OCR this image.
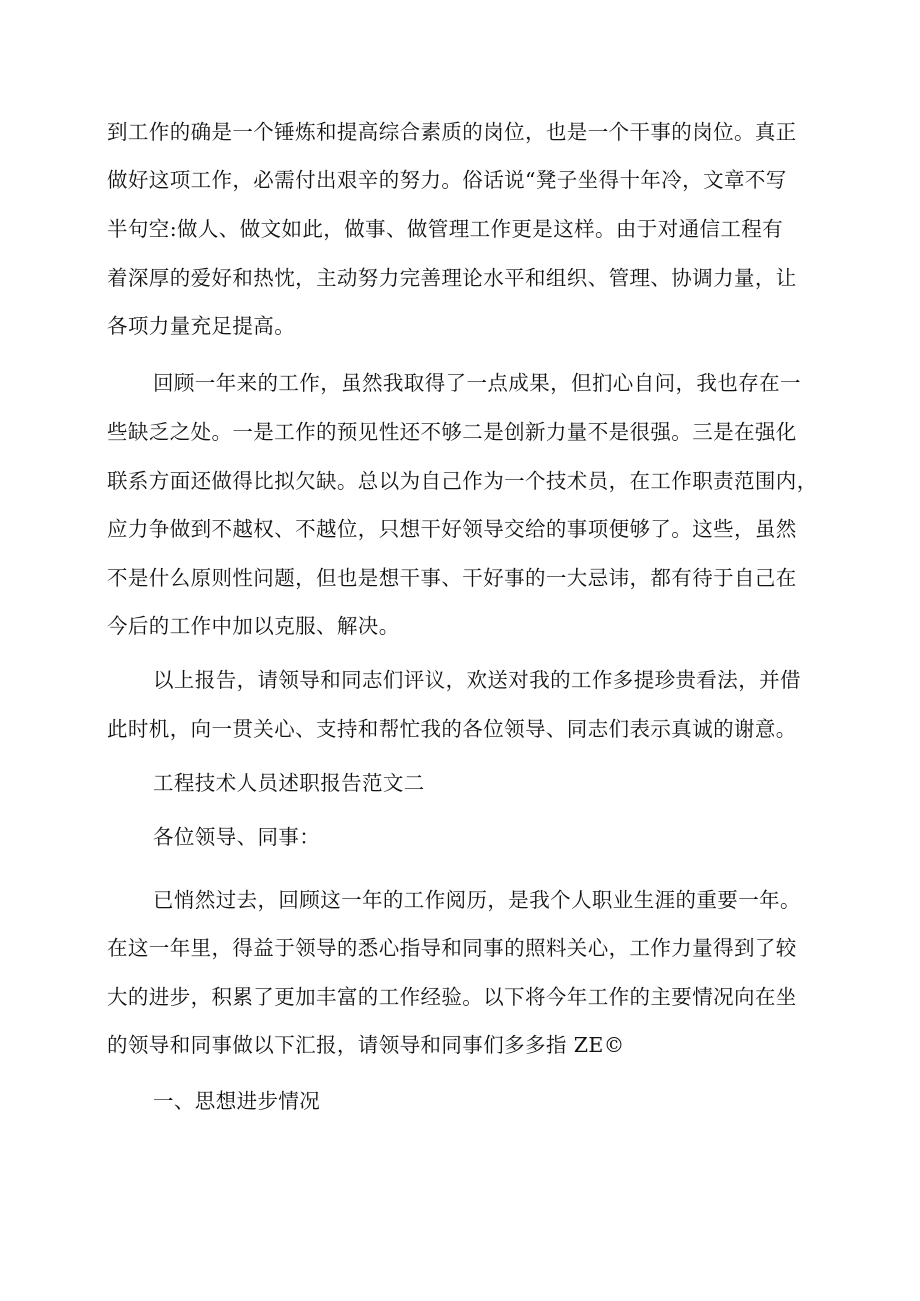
到工作的确是一个锤炼和提高综合素质的岗位，也是一个干事的岗位。真正
做好这项工作，必需付出艰辛的努力。俗话说“凳子坐得十年冷，文章不写
半句空:做人、做文如此，做事、做管理工作更是这样。由于对通信工程有
着深厚的爱好和热忱，主动努力完善理论水平和组织、管理、协调力量，让
各项力量充足提高。
回顾一年来的工作，虽然我取得了一点成果，但扪心自问，我也存在一
些缺乏之处。一是工作的预见性还不够二是创新力量不是很强。三是在强化
联系方面还做得比拟欠缺。总以为自己作为一个技术员，在工作职责范围内，
应力争做到不越权、不越位，只想干好领导交给的事项便够了。这些，虽然
不是什么原则性问题，但也是想干事、干好事的一大忌讳，都有待于自己在
今后的工作中加以克服、解决。
以上报告，请领导和同志们评议，欢送对我的工作多提珍贵看法，并借
此时机，向一贯关心、支持和帮忙我的各位领导、同志们表示真诚的谢意。
工程技术人员述职报告范文二
各位领导、同事：
已悄然过去，回顾这一年的工作阅历，是我个人职业生涯的重要一年。
在这一年里，得益于领导的悉心指导和同事的照料关心，工作力量得到了较
大的进步，积累了更加丰富的工作经验。以下将今年工作的主要情况向在坐
的领导和同事做以下汇报，请领导和同事们多多指 ZE©
一、思想进步情况
